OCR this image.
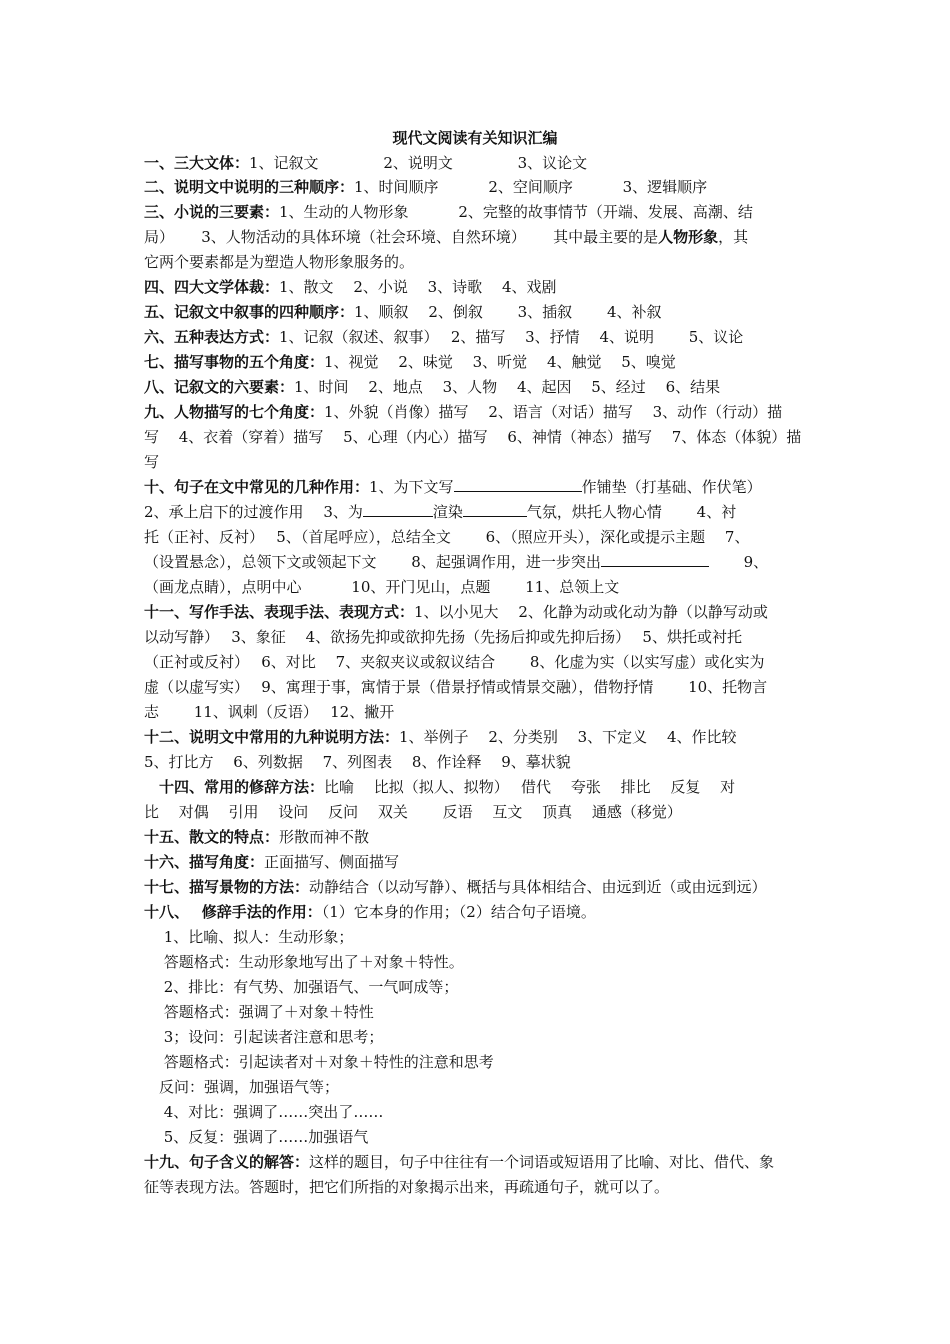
现代文阅读有关知识汇编
一、三大文体：1、记叙文　　　　 2、说明文　　　　 3、议论文
二、说明文中说明的三种顺序：1、时间顺序　　　 2、空间顺序　　　 3、逻辑顺序
三、小说的三要素：1、生动的人物形象　　　 2、完整的故事情节（开端、发展、高潮、结
局）　　 3、人物活动的具体环境（社会环境、自然环境）　　 其中最主要的是人物形象，其
它两个要素都是为塑造人物形象服务的。
四、四大文学体裁：1、散文　 2、小说　 3、诗歌　 4、戏剧
五、记叙文中叙事的四种顺序：1、顺叙　 2、倒叙　　 3、插叙　　 4、补叙
六、五种表达方式：1、记叙（叙述、叙事）　 2、描写　 3、抒情　 4、说明　　 5、议论
七、描写事物的五个角度：1、视觉　 2、味觉　 3、听觉　 4、触觉　 5、嗅觉
八、记叙文的六要素：1、时间　 2、地点　 3、人物　 4、起因　 5、经过　 6、结果
九、人物描写的七个角度：1、外貌（肖像）描写　 2、语言（对话）描写　 3、动作（行动）描
写　 4、衣着（穿着）描写　 5、心理（内心）描写　 6、神情（神态）描写　 7、体态（体貌）描
写
十、句子在文中常见的几种作用：1、为下文写	作铺垫（打基础、作伏笔）
2、承上启下的过渡作用　 3、为	渲染	气氛，烘托人物心情　　 4、衬
托（正衬、反衬）　 5、（首尾呼应），总结全文　　 6、（照应开头），深化或提示主题　 7、
（设置悬念），总领下文或领起下文　　 8、起强调作用，进一步突出	　　 9、
（画龙点睛），点明中心　　　 10、开门见山，点题　　 11、总领上文
十一、写作手法、表现手法、表现方式：1、以小见大　 2、化静为动或化动为静（以静写动或
以动写静）　 3、象征　 4、欲扬先抑或欲抑先扬（先扬后抑或先抑后扬）　 5、烘托或衬托
（正衬或反衬）　 6、对比　 7、夹叙夹议或叙议结合　　 8、化虚为实（以实写虚）或化实为
虚（以虚写实）　 9、寓理于事，寓情于景（借景抒情或情景交融），借物抒情　　 10、托物言
志　　 11、讽刺（反语）　 12、撇开
十二、说明文中常用的九种说明方法：1、举例子　 2、分类别　 3、下定义　 4、作比较
5、打比方　 6、列数据　 7、列图表　 8、作诠释　 9、摹状貌
　十四、常用的修辞方法：比喻　 比拟（拟人、拟物）　 借代　 夸张　 排比　 反复　 对
比　 对偶　 引用　 设问　 反问　 双关　　 反语　 互文　 顶真　 通感（移觉）
十五、散文的特点：形散而神不散
十六、描写角度：正面描写、侧面描写
十七、描写景物的方法：动静结合（以动写静）、概括与具体相结合、由远到近（或由远到远）
十八、　 修辞手法的作用：（1）它本身的作用；（2）结合句子语境。
　 1、比喻、拟人：生动形象；
　 答题格式：生动形象地写出了＋对象＋特性。
　 2、排比：有气势、加强语气、一气呵成等；
　 答题格式：强调了＋对象＋特性
　 3；设问：引起读者注意和思考；
　 答题格式：引起读者对＋对象＋特性的注意和思考
　反问：强调，加强语气等；
　 4、对比：强调了……突出了……
　 5、反复：强调了……加强语气
十九、句子含义的解答：这样的题目，句子中往往有一个词语或短语用了比喻、对比、借代、象
征等表现方法。答题时，把它们所指的对象揭示出来，再疏通句子，就可以了。
